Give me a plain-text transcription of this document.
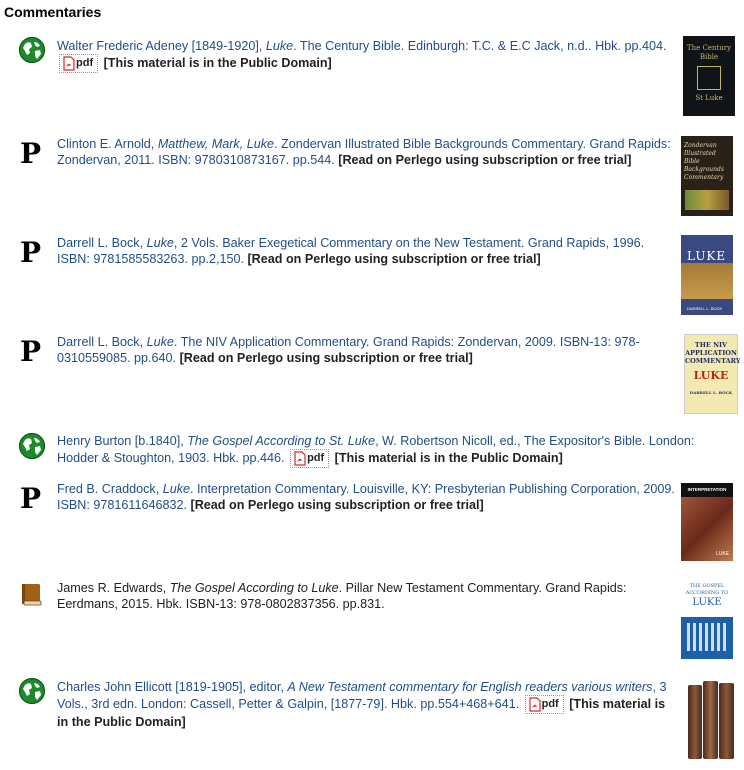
Commentaries
Walter Frederic Adeney [1849-1920], Luke. The Century Bible. Edinburgh: T.C. & E.C Jack, n.d.. Hbk. pp.404. pdf [This material is in the Public Domain]
The Century
Bible
St Luke
P Clinton E. Arnold, Matthew, Mark, Luke. Zondervan Illustrated Bible Backgrounds Commentary. Grand Rapids: Zondervan, 2011. ISBN: 9780310873167. pp.544. [Read on Perlego using subscription or free trial]
Zondervan
Illustrated
Bible
Backgrounds
Commentary
P Darrell L. Bock, Luke, 2 Vols. Baker Exegetical Commentary on the New Testament. Grand Rapids, 1996. ISBN: 9781585583263. pp.2,150. [Read on Perlego using subscription or free trial]	LUKE
DARRELL L. BOCK
P Darrell L. Bock, Luke. The NIV Application Commentary. Grand Rapids: Zondervan, 2009. ISBN-13: 978-0310559085. pp.640. [Read on Perlego using subscription or free trial]
THE NIV
APPLICATION
COMMENTARY
LUKE
DARRELL L. BOCK
Henry Burton [b.1840], The Gospel According to St. Luke, W. Robertson Nicoll, ed., The Expositor's Bible. London: Hodder & Stoughton, 1903. Hbk. pp.446. pdf [This material is in the Public Domain]
P Fred B. Craddock, Luke. Interpretation Commentary. Louisville, KY: Presbyterian Publishing Corporation, 2009. ISBN: 9781611646832. [Read on Perlego using subscription or free trial]
INTERPRETATION
LUKE
James R. Edwards, The Gospel According to Luke. Pillar New Testament Commentary. Grand Rapids: Eerdmans, 2015. Hbk. ISBN-13: 978-0802837356. pp.831.
THE GOSPEL
ACCORDING TO
LUKE
Charles John Ellicott [1819-1905], editor, A New Testament commentary for English readers various writers, 3 Vols., 3rd edn. London: Cassell, Petter & Galpin, [1877-79]. Hbk. pp.554+468+641. pdf [This material is in the Public Domain]
